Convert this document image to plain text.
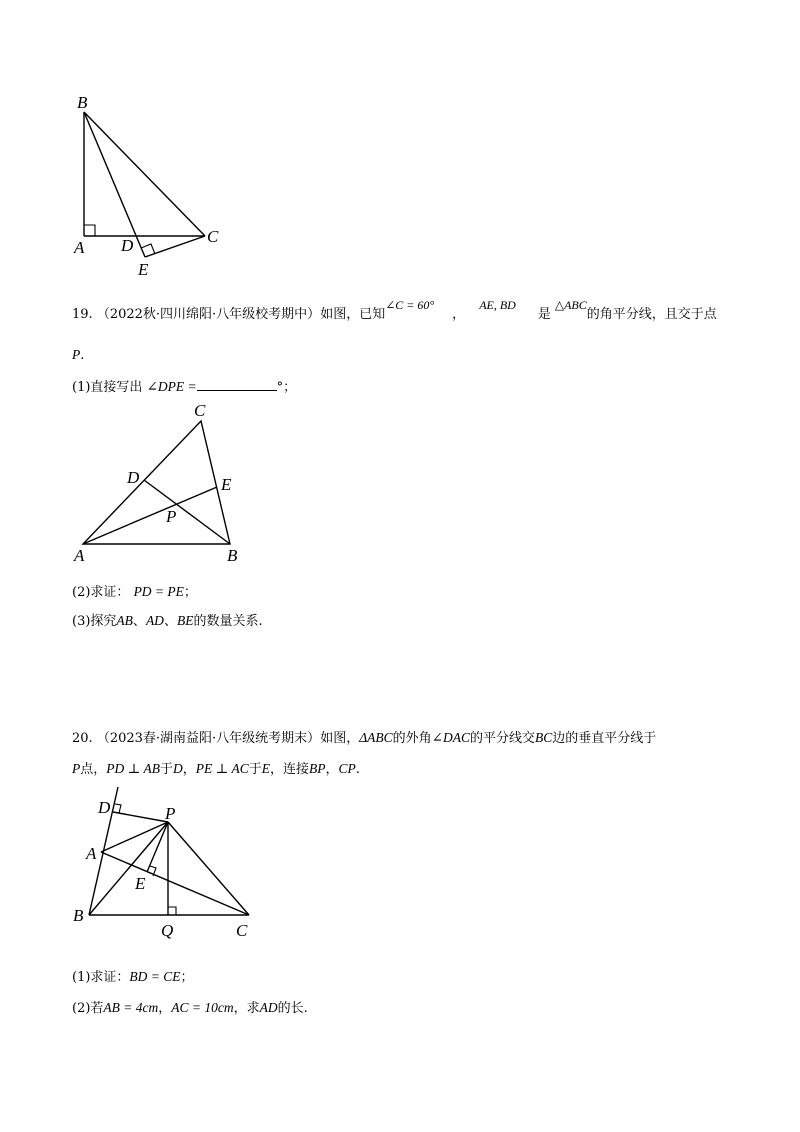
B
A D	C
E
19. （2022秋·四川绵阳·八年级校考期中）如图，已知∠C = 60°，AE, BD是△ABC的角平分线，且交于点
P.
(1)直接写出 ∠DPE =	°；
C
D	E
P
A	B
(2)求证： PD = PE；
(3)探究AB、AD、BE的数量关系.
20. （2023春·湖南益阳·八年级统考期末）如图，ΔABC的外角∠DAC的平分线交BC边的垂直平分线于
P点，PD ⊥ AB于D，PE ⊥ AC于E，连接BP，CP.
D	P
A
E
B
Q	C
(1)求证：BD = CE；
(2)若AB = 4cm，AC = 10cm，求AD的长.
